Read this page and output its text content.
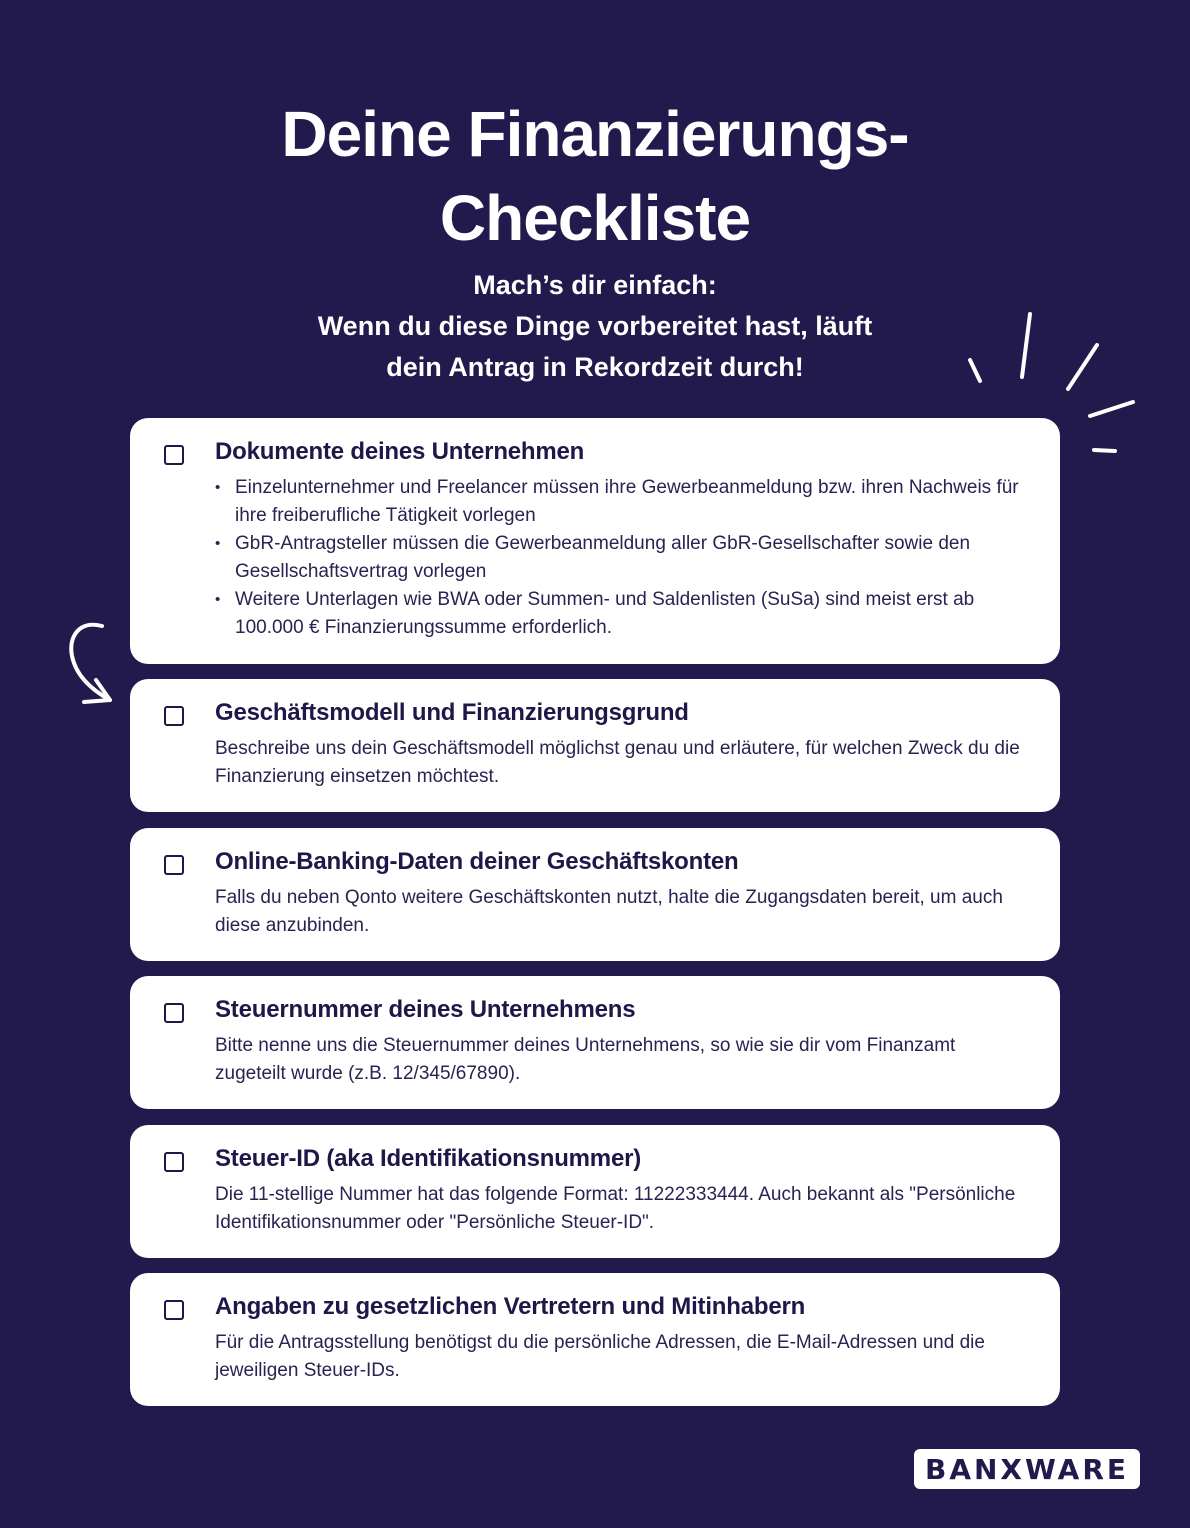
Deine Finanzierungs-
Checkliste

Mach’s dir einfach:
Wenn du diese Dinge vorbereitet hast, läuft
dein Antrag in Rekordzeit durch!

Dokumente deines Unternehmen
• Einzelunternehmer und Freelancer müssen ihre Gewerbeanmeldung bzw. ihren Nachweis für ihre freiberufliche Tätigkeit vorlegen
• GbR-Antragsteller müssen die Gewerbeanmeldung aller GbR-Gesellschafter sowie den Gesellschaftsvertrag vorlegen
• Weitere Unterlagen wie BWA oder Summen- und Saldenlisten (SuSa) sind meist erst ab 100.000 € Finanzierungssumme erforderlich.
Geschäftsmodell und Finanzierungsgrund

Beschreibe uns dein Geschäftsmodell möglichst genau und erläutere, für welchen Zweck du die Finanzierung einsetzen möchtest.

Online-Banking-Daten deiner Geschäftskonten

Falls du neben Qonto weitere Geschäftskonten nutzt, halte die Zugangsdaten bereit, um auch diese anzubinden.

Steuernummer deines Unternehmens

Bitte nenne uns die Steuernummer deines Unternehmens, so wie sie dir vom Finanzamt zugeteilt wurde (z.B. 12/345/67890).

Steuer-ID (aka Identifikationsnummer)

Die 11-stellige Nummer hat das folgende Format: 11222333444. Auch bekannt als "Persönliche Identifikationsnummer oder "Persönliche Steuer-ID".

Angaben zu gesetzlichen Vertretern und Mitinhabern

Für die Antragsstellung benötigst du die persönliche Adressen, die E-Mail-Adressen und die jeweiligen Steuer-IDs.

BANXWARE
